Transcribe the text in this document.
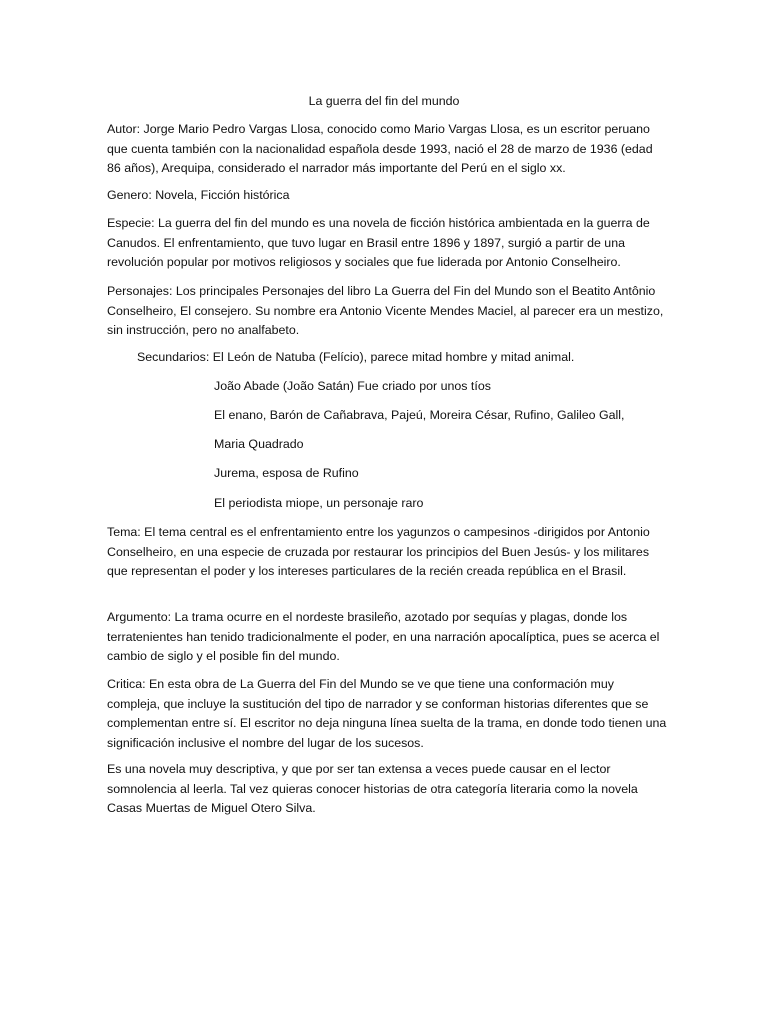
La guerra del fin del mundo

Autor: Jorge Mario Pedro Vargas Llosa, conocido como Mario Vargas Llosa, es un escritor peruano que cuenta también con la nacionalidad española desde 1993, nació el 28 de marzo de 1936 (edad 86 años), Arequipa, considerado el narrador más importante del Perú en el siglo xx.

Genero: Novela, Ficción histórica

Especie: La guerra del fin del mundo es una novela de ficción histórica ambientada en la guerra de Canudos. El enfrentamiento, que tuvo lugar en Brasil entre 1896 y 1897, surgió a partir de una revolución popular por motivos religiosos y sociales que fue liderada por Antonio Conselheiro.

Personajes: Los principales Personajes del libro La Guerra del Fin del Mundo son el Beatito Antônio Conselheiro, El consejero. Su nombre era Antonio Vicente Mendes Maciel, al parecer era un mestizo, sin instrucción, pero no analfabeto.

Secundarios: El León de Natuba (Felício), parece mitad hombre y mitad animal.

João Abade (João Satán) Fue criado por unos tíos

El enano, Barón de Cañabrava, Pajeú, Moreira César, Rufino, Galileo Gall,

Maria Quadrado

Jurema, esposa de Rufino

El periodista miope, un personaje raro

Tema: El tema central es el enfrentamiento entre los yagunzos o campesinos -dirigidos por Antonio Conselheiro, en una especie de cruzada por restaurar los principios del Buen Jesús- y los militares que representan el poder y los intereses particulares de la recién creada república en el Brasil.

Argumento: La trama ocurre en el nordeste brasileño, azotado por sequías y plagas, donde los terratenientes han tenido tradicionalmente el poder, en una narración apocalíptica, pues se acerca el cambio de siglo y el posible fin del mundo.

Critica: En esta obra de La Guerra del Fin del Mundo se ve que tiene una conformación muy compleja, que incluye la sustitución del tipo de narrador y se conforman historias diferentes que se complementan entre sí. El escritor no deja ninguna línea suelta de la trama, en donde todo tienen una significación inclusive el nombre del lugar de los sucesos.

Es una novela muy descriptiva, y que por ser tan extensa a veces puede causar en el lector somnolencia al leerla. Tal vez quieras conocer historias de otra categoría literaria como la novela Casas Muertas de Miguel Otero Silva.
